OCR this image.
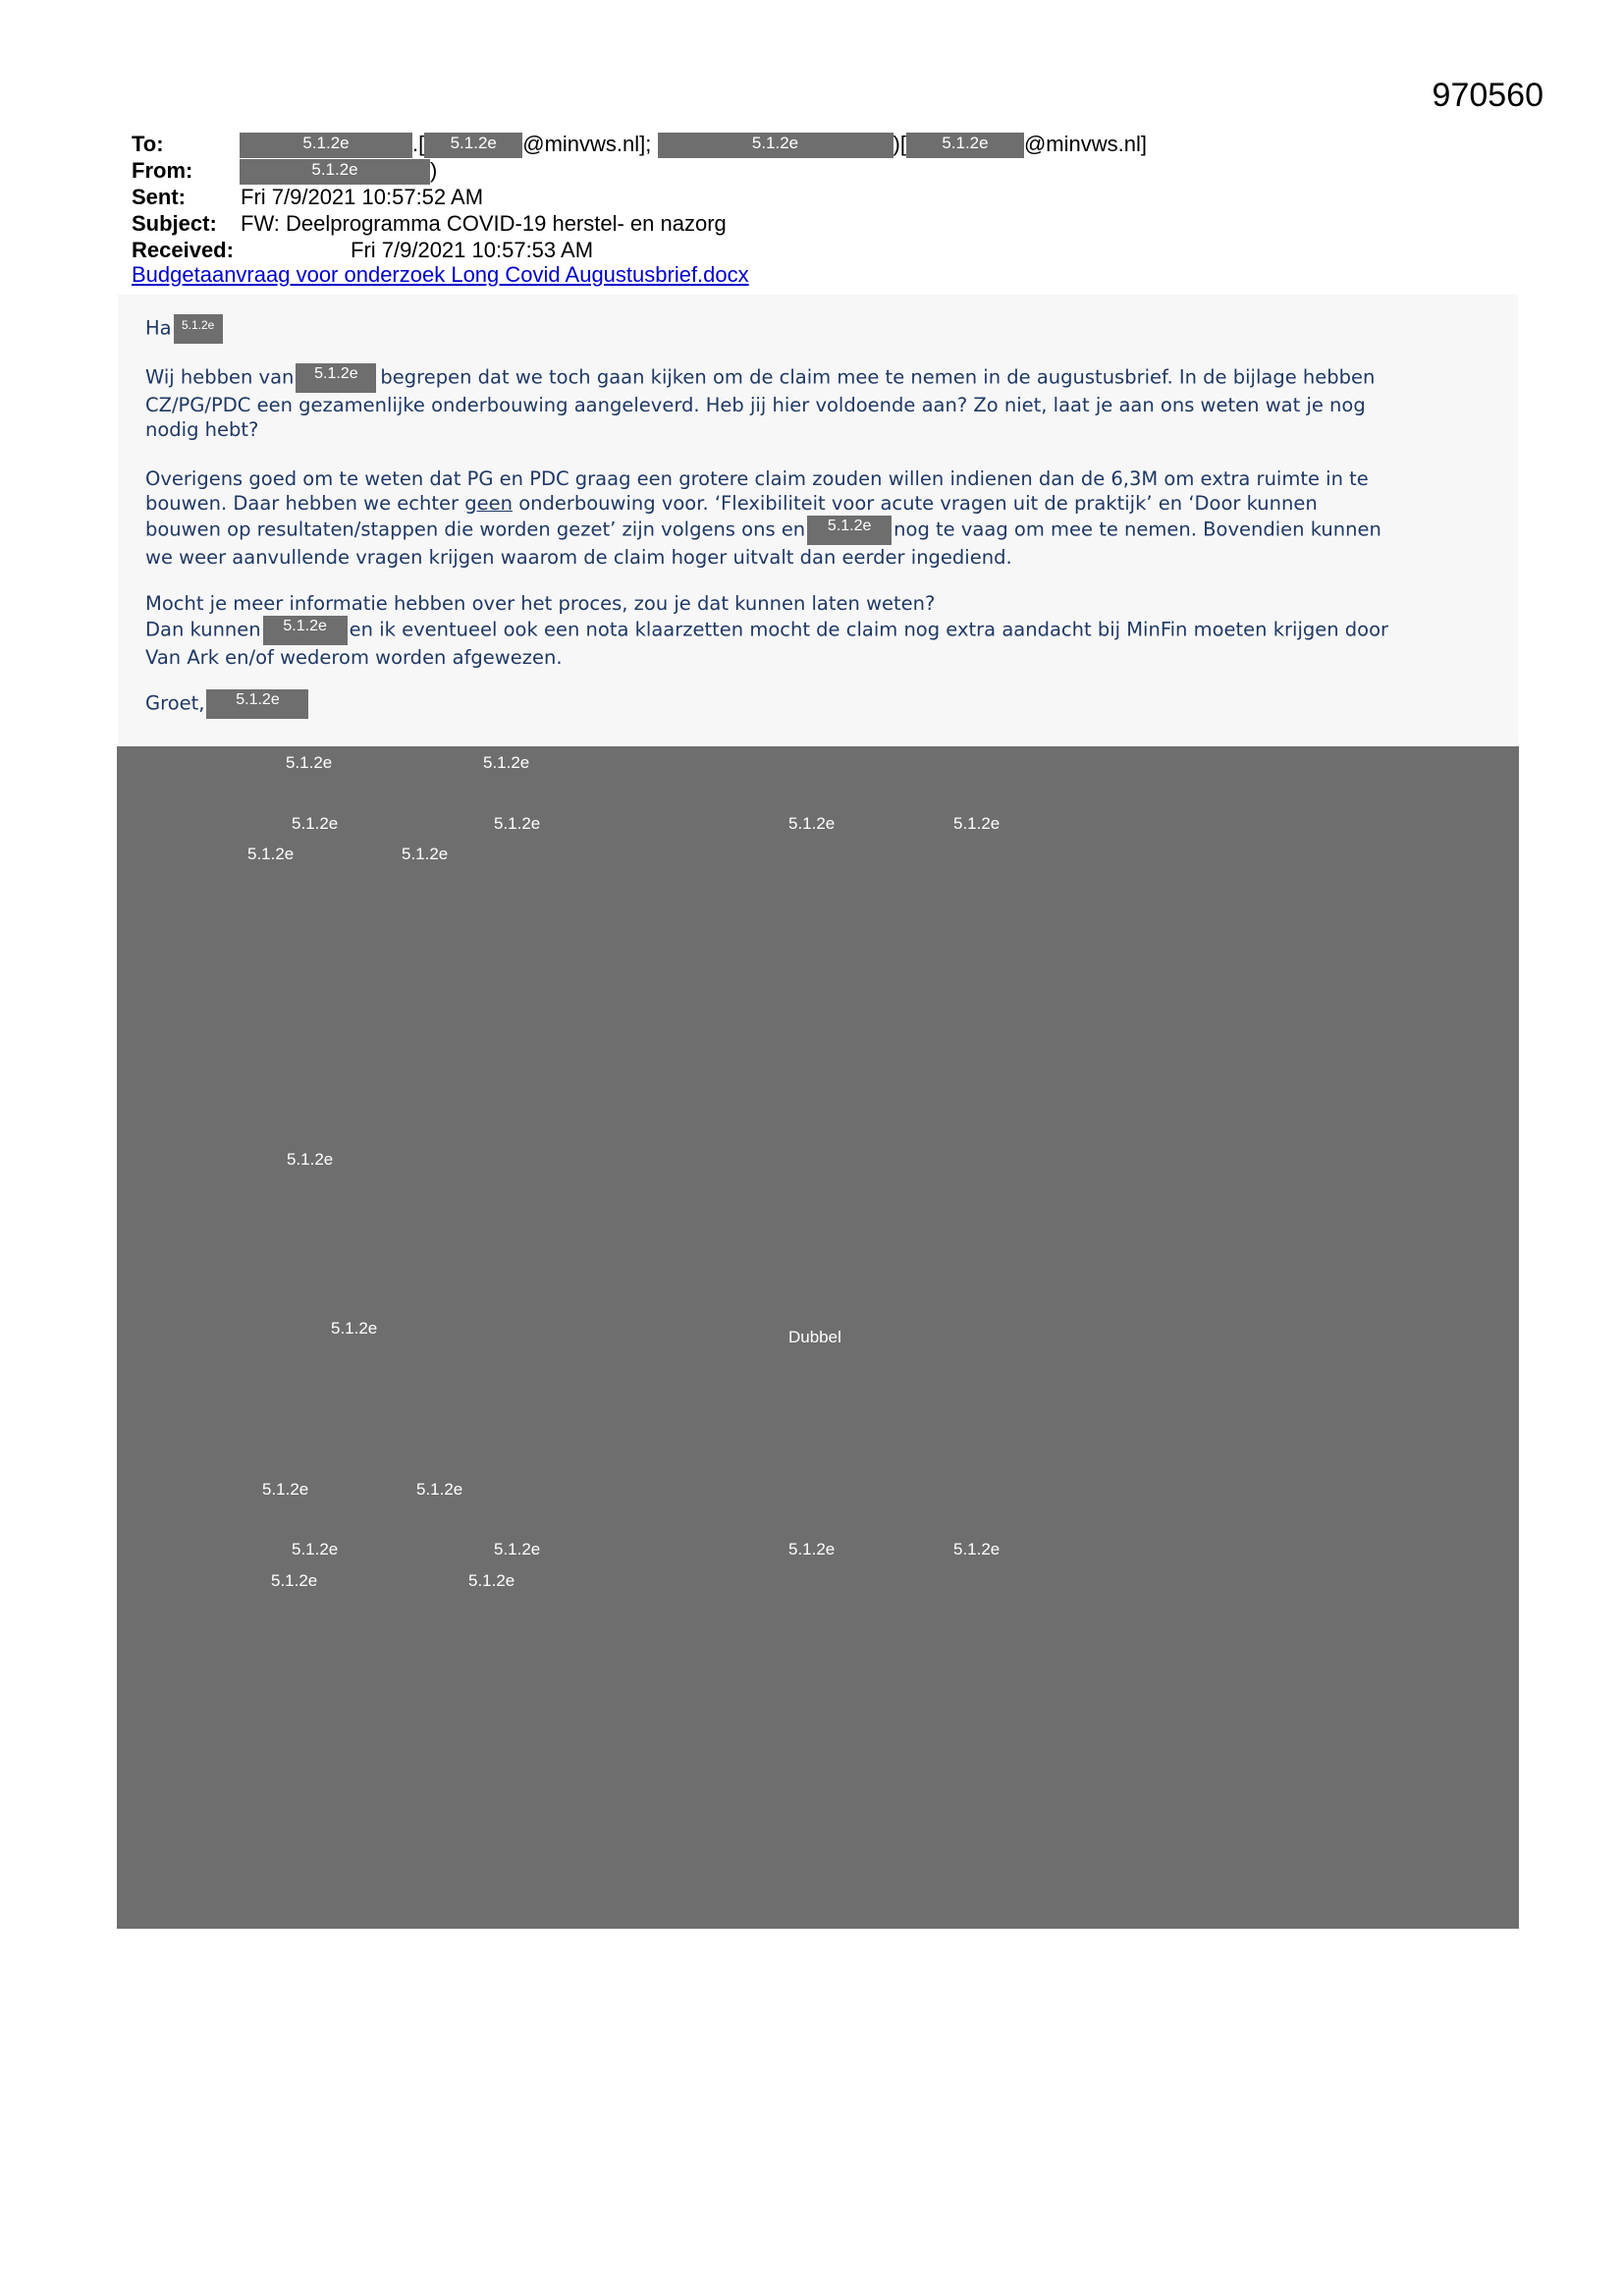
970560
To:	5.1.2e	.[ 5.1.2e @minvws.nl];	5.1.2e	)[ 5.1.2e @minvws.nl]
From:	5.1.2e	)
Sent:	Fri 7/9/2021 10:57:52 AM
Subject: FW: Deelprogramma COVID-19 herstel- en nazorg
Received:	Fri 7/9/2021 10:57:53 AM
Budgetaanvraag voor onderzoek Long Covid Augustusbrief.docx

Ha 5.1.2e

Wij hebben van 5.1.2e begrepen dat we toch gaan kijken om de claim mee te nemen in de augustusbrief. In de bijlage hebben
CZ/PG/PDC een gezamenlijke onderbouwing aangeleverd. Heb jij hier voldoende aan? Zo niet, laat je aan ons weten wat je nog
nodig hebt?

Overigens goed om te weten dat PG en PDC graag een grotere claim zouden willen indienen dan de 6,3M om extra ruimte in te
bouwen. Daar hebben we echter geen onderbouwing voor. ‘Flexibiliteit voor acute vragen uit de praktijk’ en ‘Door kunnen
bouwen op resultaten/stappen die worden gezet’ zijn volgens ons en 5.1.2e nog te vaag om mee te nemen. Bovendien kunnen
we weer aanvullende vragen krijgen waarom de claim hoger uitvalt dan eerder ingediend.

Mocht je meer informatie hebben over het proces, zou je dat kunnen laten weten?
Dan kunnen 5.1.2e en ik eventueel ook een nota klaarzetten mocht de claim nog extra aandacht bij MinFin moeten krijgen door
Van Ark en/of wederom worden afgewezen.

Groet, 5.1.2e

5.1.2e	5.1.2e
5.1.2e	5.1.2e	5.1.2e	5.1.2e
5.1.2e	5.1.2e
5.1.2e
5.1.2e	Dubbel
5.1.2e	5.1.2e
5.1.2e	5.1.2e	5.1.2e	5.1.2e
5.1.2e	5.1.2e
